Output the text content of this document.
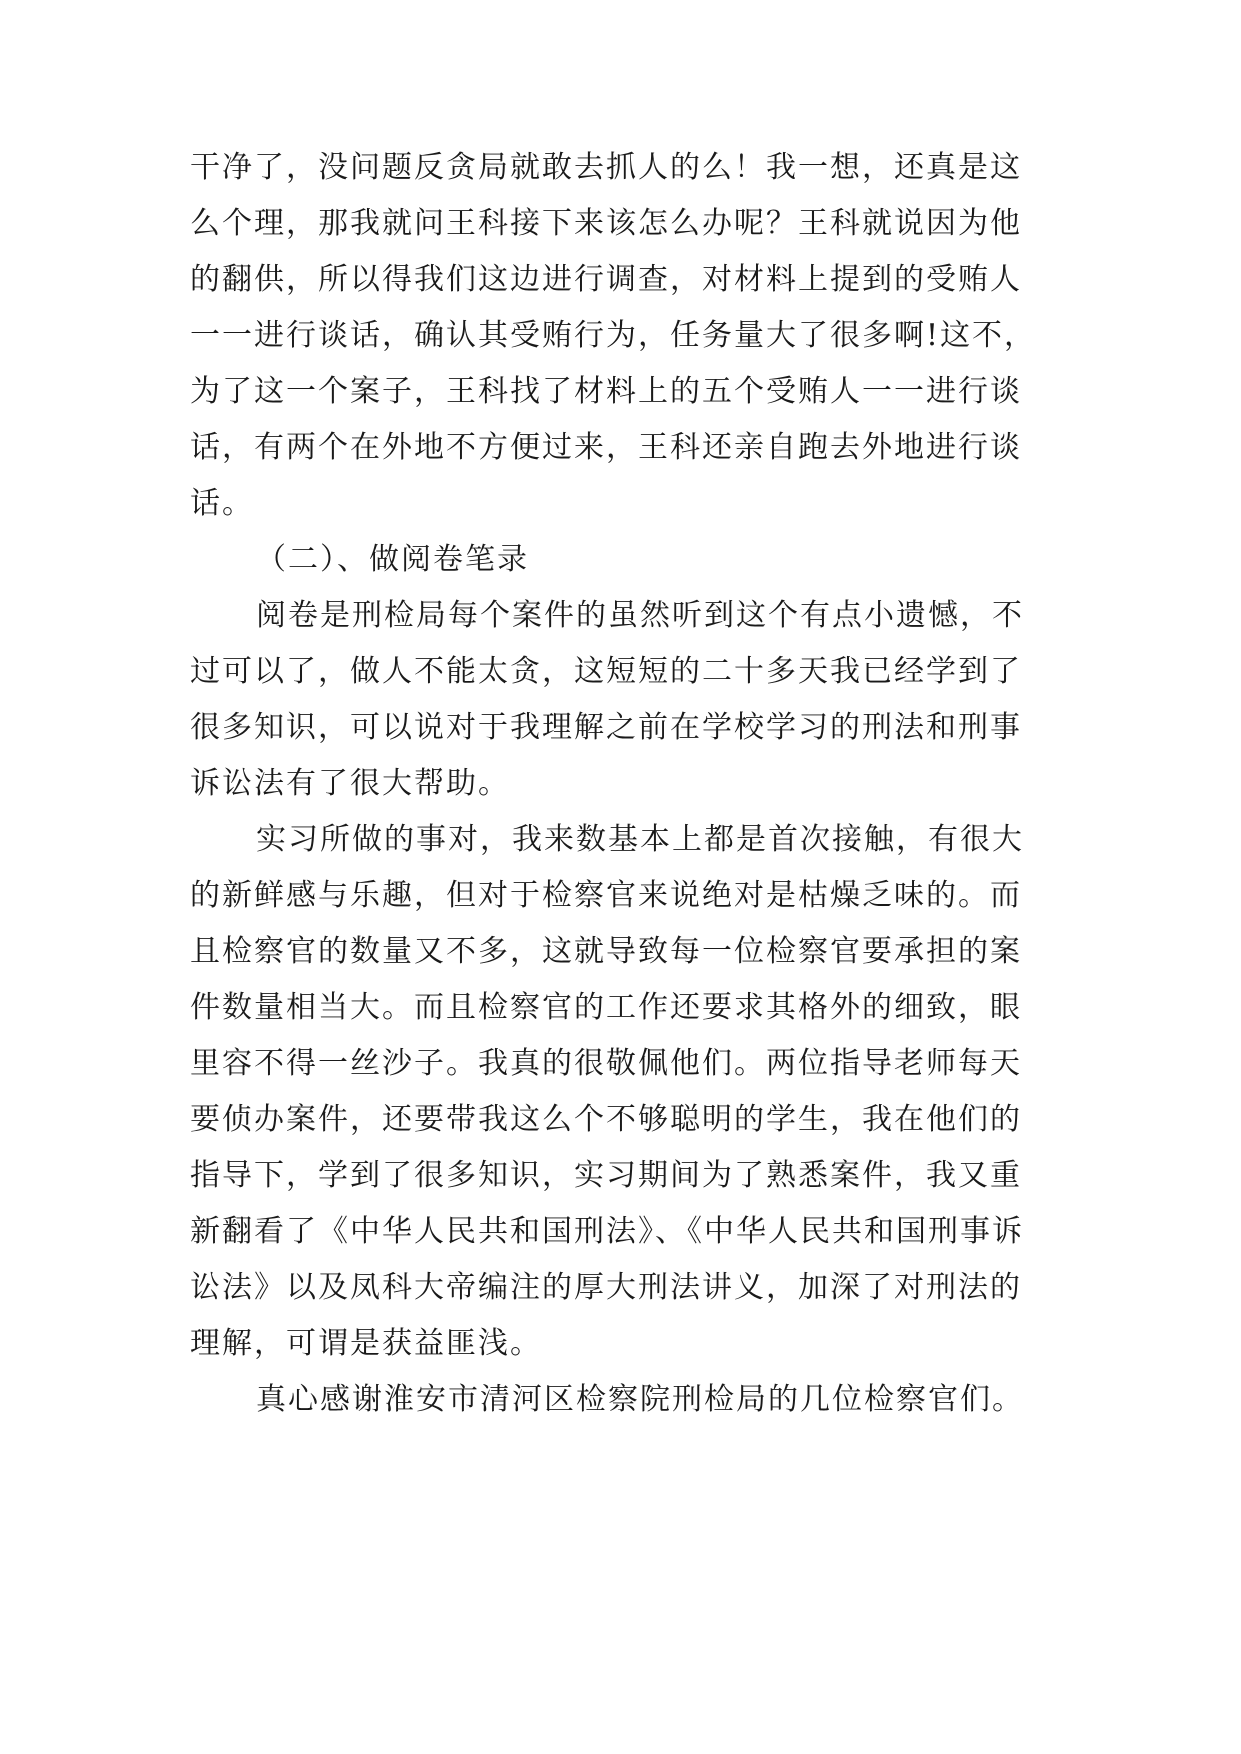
干净了，没问题反贪局就敢去抓人的么！我一想，还真是这
么个理，那我就问王科接下来该怎么办呢？王科就说因为他
的翻供，所以得我们这边进行调查，对材料上提到的受贿人
一一进行谈话，确认其受贿行为，任务量大了很多啊!这不，
为了这一个案子，王科找了材料上的五个受贿人一一进行谈
话，有两个在外地不方便过来，王科还亲自跑去外地进行谈
话。
（二）、做阅卷笔录
阅卷是刑检局每个案件的虽然听到这个有点小遗憾，不
过可以了，做人不能太贪，这短短的二十多天我已经学到了
很多知识，可以说对于我理解之前在学校学习的刑法和刑事
诉讼法有了很大帮助。
实习所做的事对，我来数基本上都是首次接触，有很大
的新鲜感与乐趣，但对于检察官来说绝对是枯燥乏味的。而
且检察官的数量又不多，这就导致每一位检察官要承担的案
件数量相当大。而且检察官的工作还要求其格外的细致，眼
里容不得一丝沙子。我真的很敬佩他们。两位指导老师每天
要侦办案件，还要带我这么个不够聪明的学生，我在他们的
指导下，学到了很多知识，实习期间为了熟悉案件，我又重
新翻看了《中华人民共和国刑法》、《中华人民共和国刑事诉
讼法》以及凤科大帝编注的厚大刑法讲义，加深了对刑法的
理解，可谓是获益匪浅。
真心感谢淮安市清河区检察院刑检局的几位检察官们。
